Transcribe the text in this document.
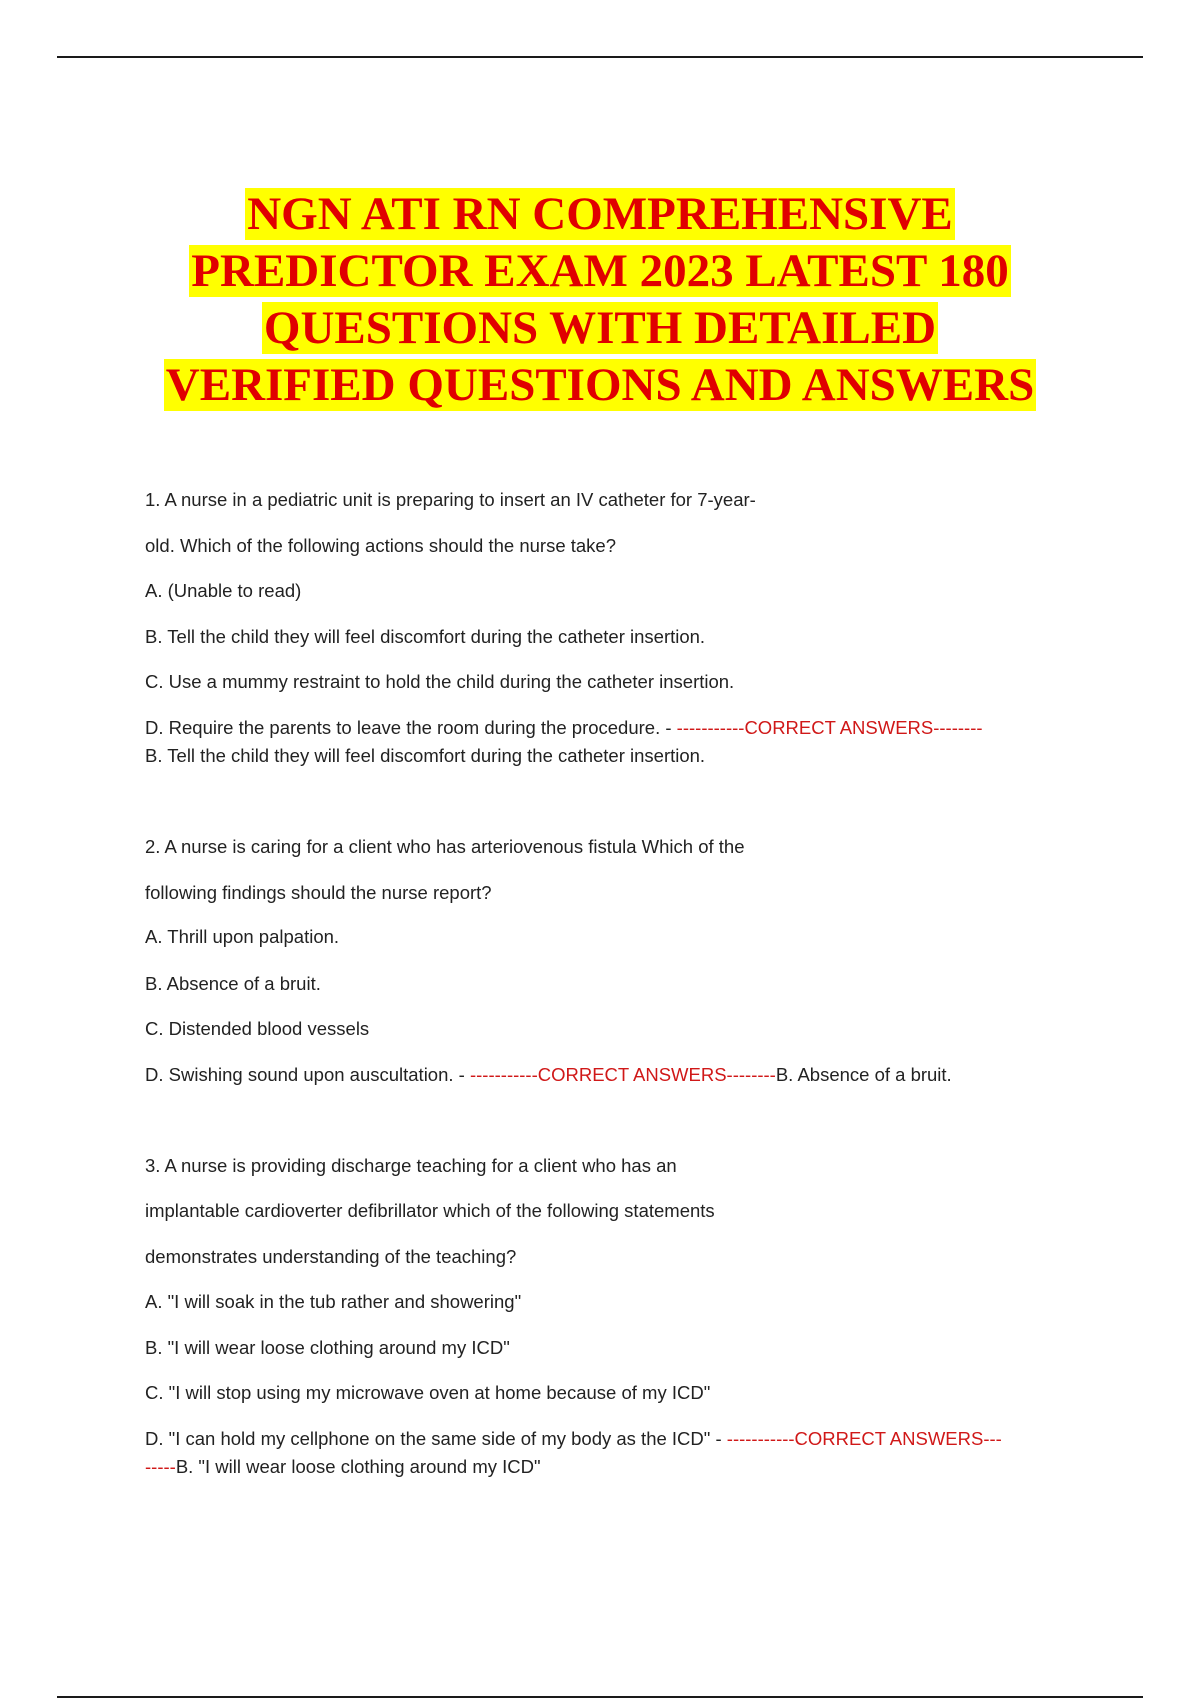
NGN ATI RN COMPREHENSIVE
PREDICTOR EXAM 2023 LATEST 180
QUESTIONS WITH DETAILED
VERIFIED QUESTIONS AND ANSWERS

1. A nurse in a pediatric unit is preparing to insert an IV catheter for 7-year-

old. Which of the following actions should the nurse take?

A. (Unable to read)

B. Tell the child they will feel discomfort during the catheter insertion.

C. Use a mummy restraint to hold the child during the catheter insertion.

D. Require the parents to leave the room during the procedure. - -----------CORRECT ANSWERS--------

B. Tell the child they will feel discomfort during the catheter insertion.

2. A nurse is caring for a client who has arteriovenous fistula Which of the

following findings should the nurse report?

A. Thrill upon palpation.

B. Absence of a bruit.

C. Distended blood vessels

D. Swishing sound upon auscultation. - -----------CORRECT ANSWERS--------B. Absence of a bruit.

3. A nurse is providing discharge teaching for a client who has an

implantable cardioverter defibrillator which of the following statements

demonstrates understanding of the teaching?

A. "I will soak in the tub rather and showering"

B. "I will wear loose clothing around my ICD"

C. "I will stop using my microwave oven at home because of my ICD"

D. "I can hold my cellphone on the same side of my body as the ICD" - -----------CORRECT ANSWERS---

-----B. "I will wear loose clothing around my ICD"
